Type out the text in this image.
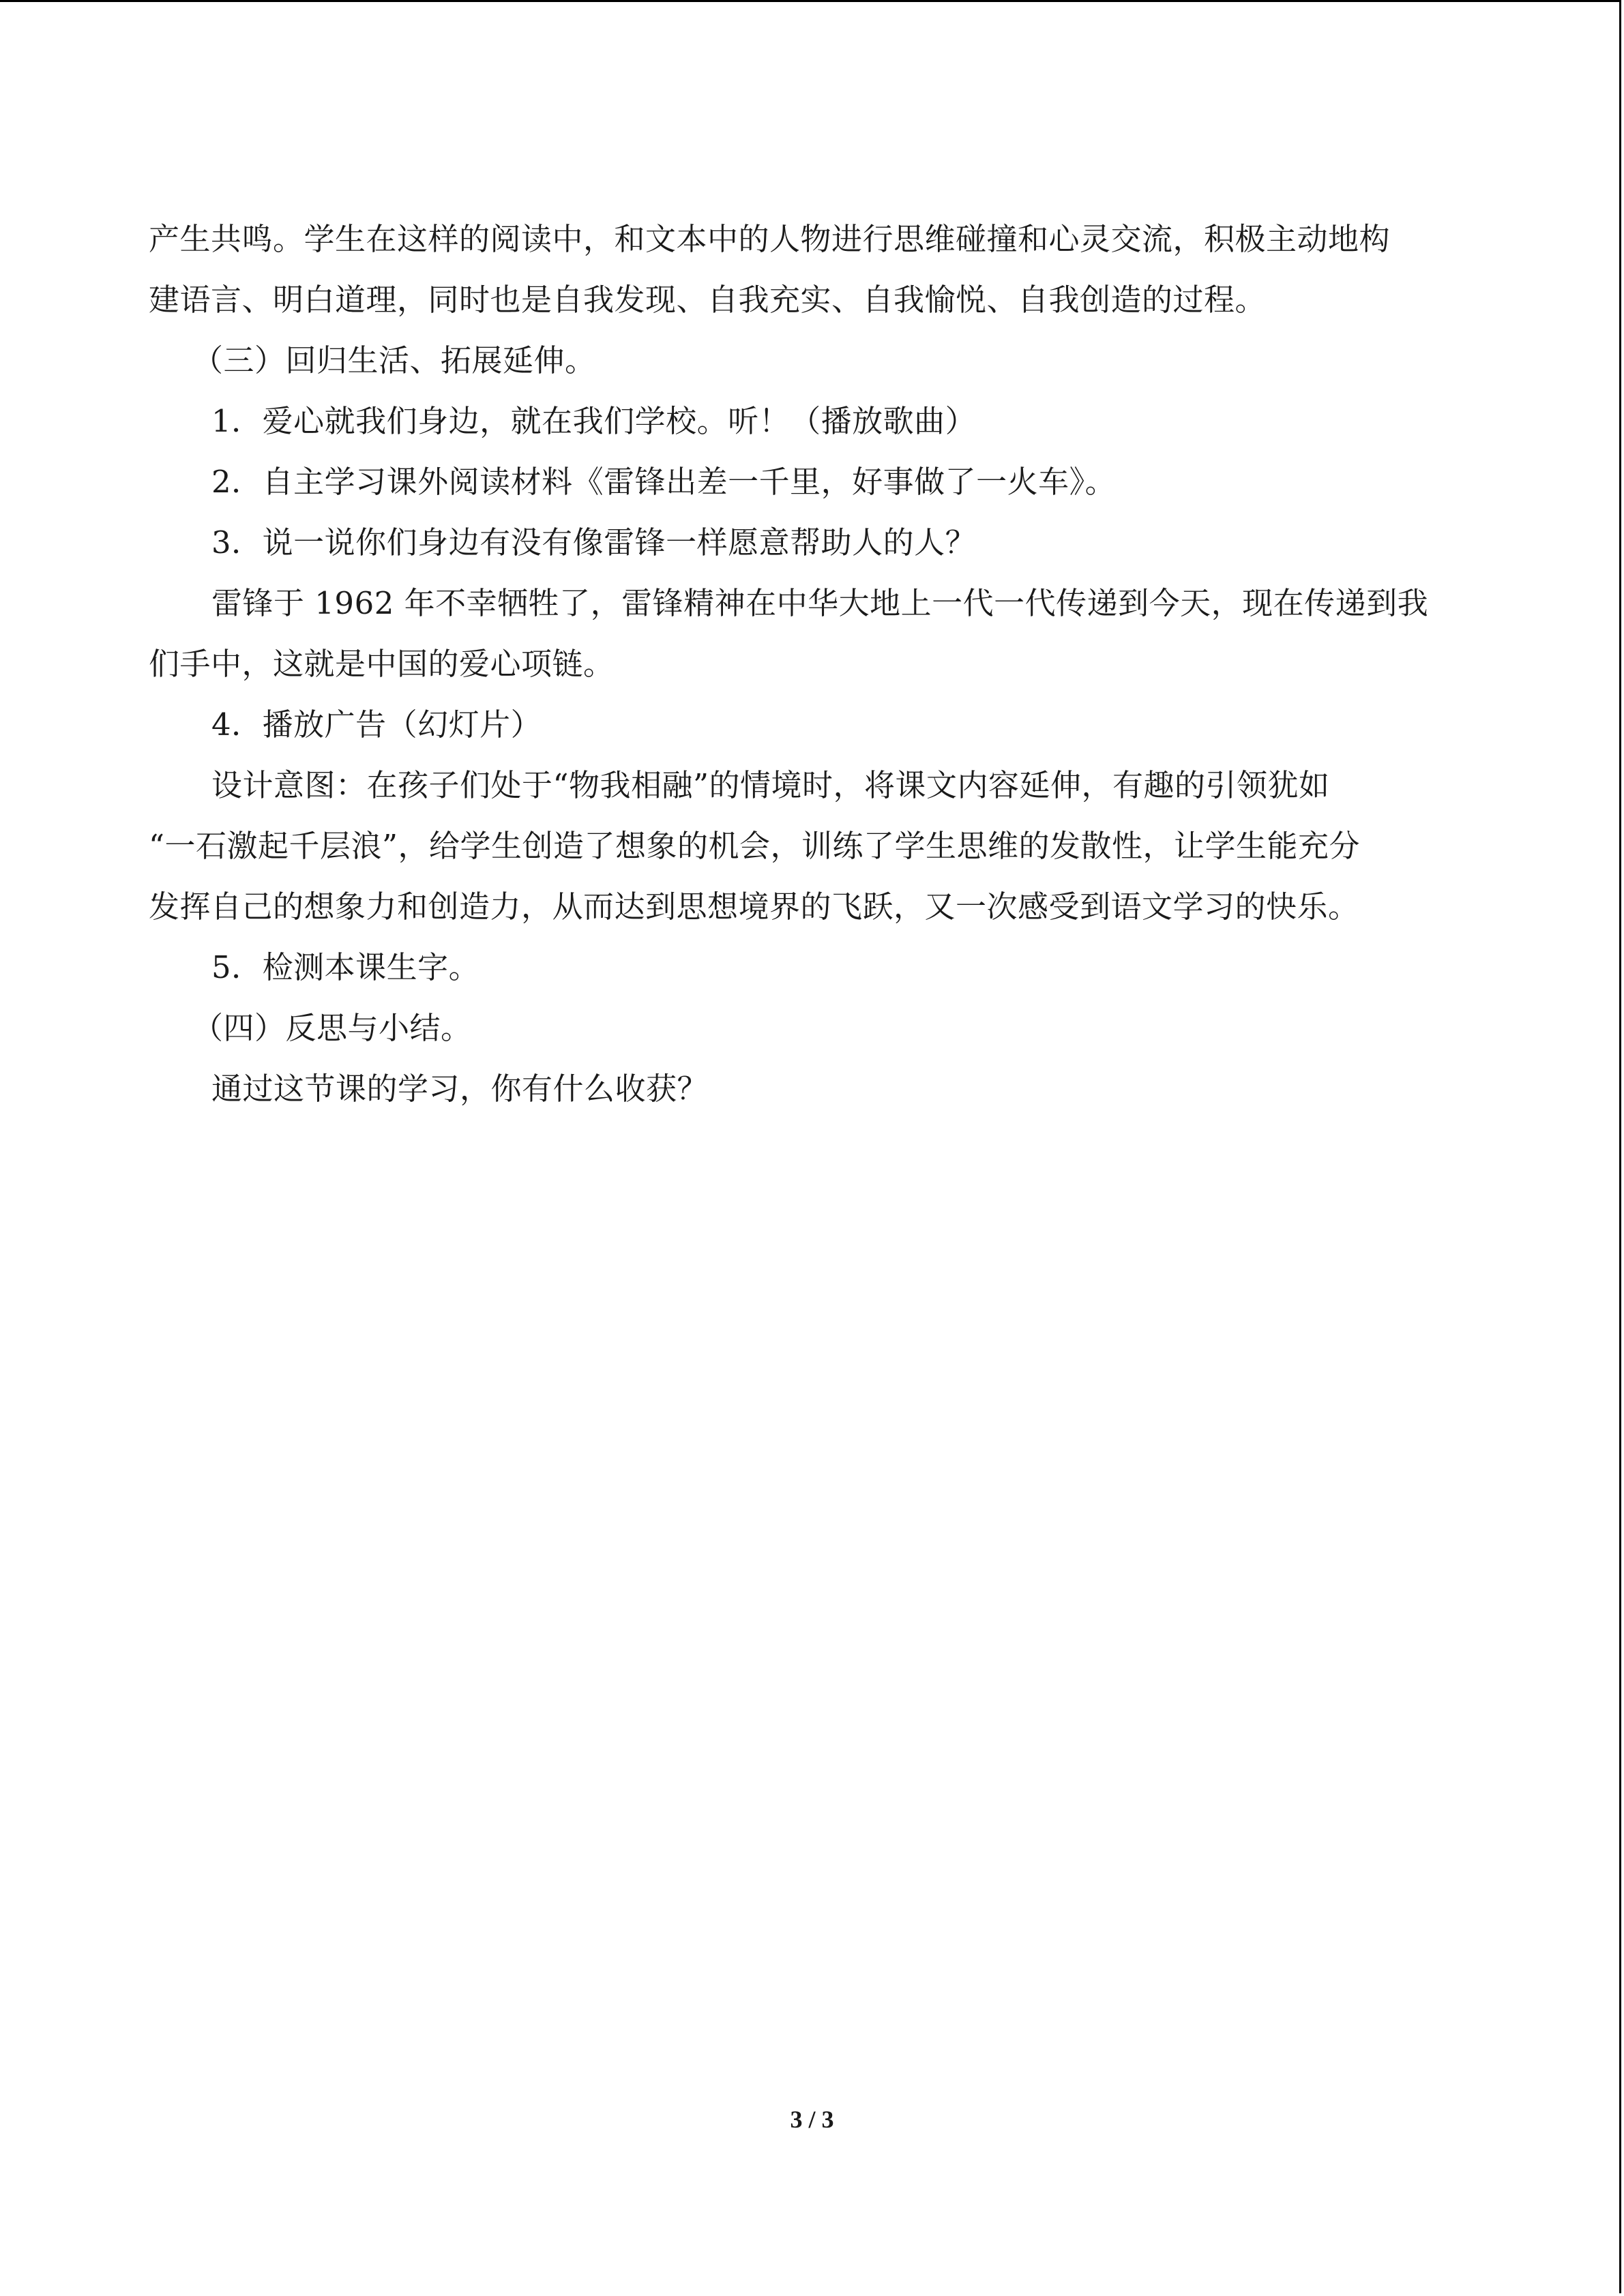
产生共鸣。学生在这样的阅读中，和文本中的人物进行思维碰撞和心灵交流，积极主动地构
建语言、明白道理，同时也是自我发现、自我充实、自我愉悦、自我创造的过程。
（三）回归生活、拓展延伸。
1．爱心就我们身边，就在我们学校。听！（播放歌曲）
2．自主学习课外阅读材料《雷锋出差一千里，好事做了一火车》。
3．说一说你们身边有没有像雷锋一样愿意帮助人的人？
雷锋于 1962 年不幸牺牲了，雷锋精神在中华大地上一代一代传递到今天，现在传递到我
们手中，这就是中国的爱心项链。
4．播放广告（幻灯片）
设计意图：在孩子们处于“物我相融”的情境时，将课文内容延伸，有趣的引领犹如
“一石激起千层浪”，给学生创造了想象的机会，训练了学生思维的发散性，让学生能充分
发挥自己的想象力和创造力，从而达到思想境界的飞跃，又一次感受到语文学习的快乐。
5．检测本课生字。
（四）反思与小结。
通过这节课的学习，你有什么收获？
3 / 3
